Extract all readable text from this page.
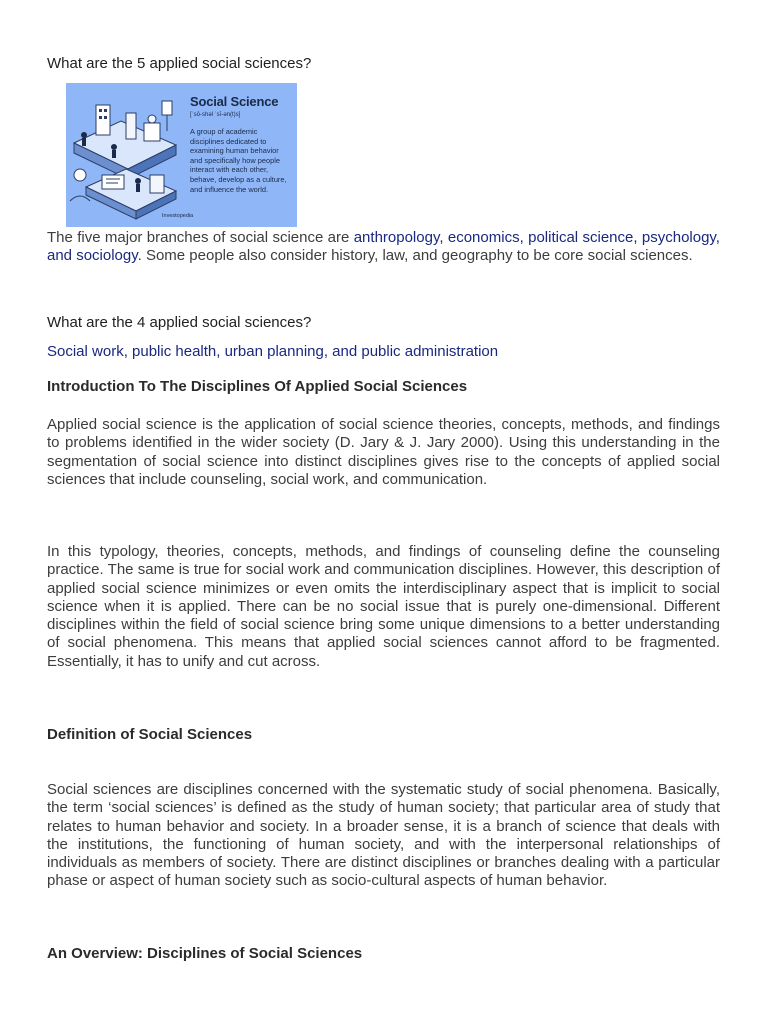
What are the 5 applied social sciences?

Social Science
[ˈsō-shəl ˈsī-ən(t)s]
A group of academic disciplines dedicated to examining human behavior and specifically how people interact with each other, behave, develop as a culture, and influence the world.
Investopedia

The five major branches of social science are anthropology, economics, political science, psychology, and sociology. Some people also consider history, law, and geography to be core social sciences.

What are the 4 applied social sciences?

Social work, public health, urban planning, and public administration

Introduction To The Disciplines Of Applied Social Sciences

Applied social science is the application of social science theories, concepts, methods, and findings to problems identified in the wider society (D. Jary & J. Jary 2000). Using this understanding in the segmentation of social science into distinct disciplines gives rise to the concepts of applied social sciences that include counseling, social work, and communication.

In this typology, theories, concepts, methods, and findings of counseling define the counseling practice. The same is true for social work and communication disciplines. However, this description of applied social science minimizes or even omits the interdisciplinary aspect that is implicit to social science when it is applied. There can be no social issue that is purely one-dimensional. Different disciplines within the field of social science bring some unique dimensions to a better understanding of social phenomena. This means that applied social sciences cannot afford to be fragmented. Essentially, it has to unify and cut across.

Definition of Social Sciences

Social sciences are disciplines concerned with the systematic study of social phenomena. Basically, the term ‘social sciences’ is defined as the study of human society; that particular area of study that relates to human behavior and society. In a broader sense, it is a branch of science that deals with the institutions, the functioning of human society, and with the interpersonal relationships of individuals as members of society. There are distinct disciplines or branches dealing with a particular phase or aspect of human society such as socio-cultural aspects of human behavior.

An Overview: Disciplines of Social Sciences
